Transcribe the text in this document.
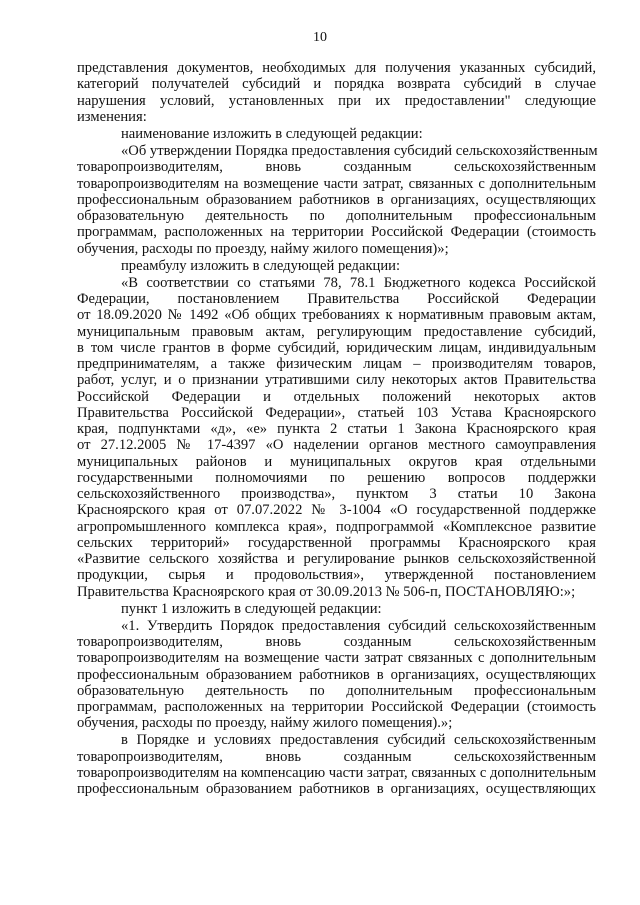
10
представления документов, необходимых для получения указанных субсидий,
категорий получателей субсидий и порядка возврата субсидий в случае
нарушения условий, установленных при их предоставлении" следующие
изменения:
наименование изложить в следующей редакции:
«Об утверждении Порядка предоставления субсидий сельскохозяйственным
товаропроизводителям, вновь созданным сельскохозяйственным
товаропроизводителям на возмещение части затрат, связанных с дополнительным
профессиональным образованием работников в организациях, осуществляющих
образовательную деятельность по дополнительным профессиональным
программам, расположенных на территории Российской Федерации (стоимость
обучения, расходы по проезду, найму жилого помещения)»;
преамбулу изложить в следующей редакции:
«В соответствии со статьями 78, 78.1 Бюджетного кодекса Российской
Федерации, постановлением Правительства Российской Федерации
от 18.09.2020 № 1492 «Об общих требованиях к нормативным правовым актам,
муниципальным правовым актам, регулирующим предоставление субсидий,
в том числе грантов в форме субсидий, юридическим лицам, индивидуальным
предпринимателям, а также физическим лицам – производителям товаров,
работ, услуг, и о признании утратившими силу некоторых актов Правительства
Российской Федерации и отдельных положений некоторых актов
Правительства Российской Федерации», статьей 103 Устава Красноярского
края, подпунктами «д», «е» пункта 2 статьи 1 Закона Красноярского края
от 27.12.2005 № 17-4397 «О наделении органов местного самоуправления
муниципальных районов и муниципальных округов края отдельными
государственными полномочиями по решению вопросов поддержки
сельскохозяйственного производства», пунктом 3 статьи 10 Закона
Красноярского края от 07.07.2022 № 3-1004 «О государственной поддержке
агропромышленного комплекса края», подпрограммой «Комплексное развитие
сельских территорий» государственной программы Красноярского края
«Развитие сельского хозяйства и регулирование рынков сельскохозяйственной
продукции, сырья и продовольствия», утвержденной постановлением
Правительства Красноярского края от 30.09.2013 № 506-п, ПОСТАНОВЛЯЮ:»;
пункт 1 изложить в следующей редакции:
«1. Утвердить Порядок предоставления субсидий сельскохозяйственным
товаропроизводителям, вновь созданным сельскохозяйственным
товаропроизводителям на возмещение части затрат связанных с дополнительным
профессиональным образованием работников в организациях, осуществляющих
образовательную деятельность по дополнительным профессиональным
программам, расположенных на территории Российской Федерации (стоимость
обучения, расходы по проезду, найму жилого помещения).»;
в Порядке и условиях предоставления субсидий сельскохозяйственным
товаропроизводителям, вновь созданным сельскохозяйственным
товаропроизводителям на компенсацию части затрат, связанных с дополнительным
профессиональным образованием работников в организациях, осуществляющих
